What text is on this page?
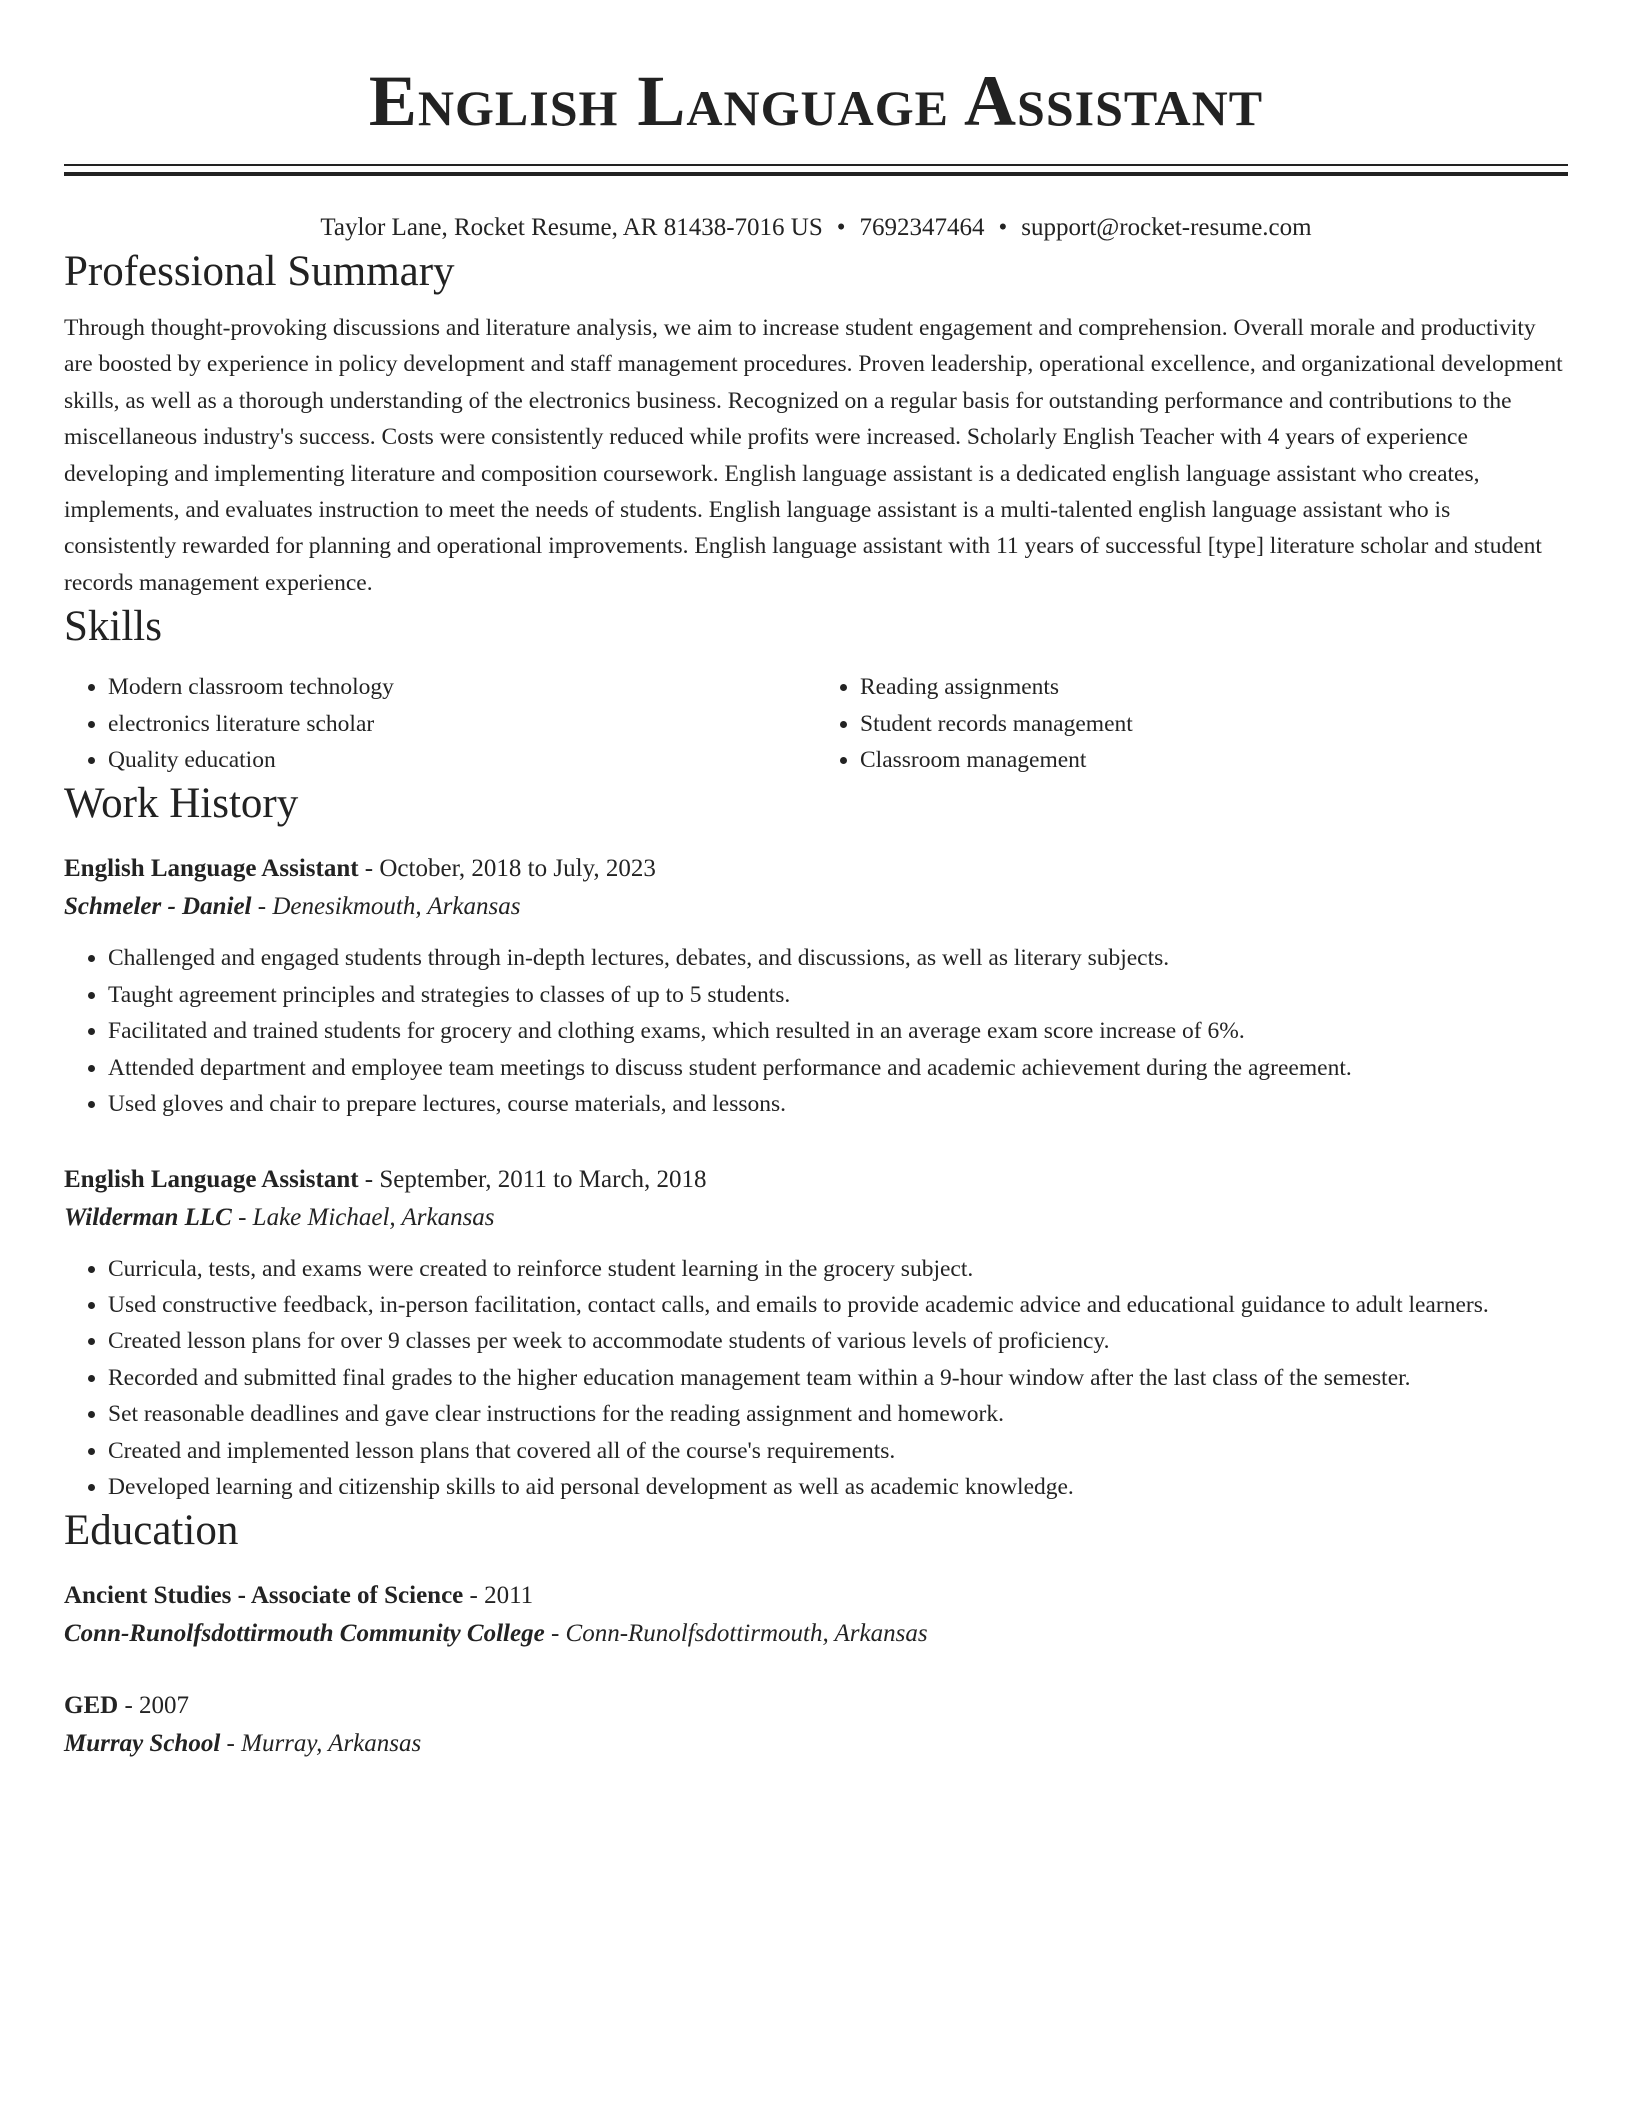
English Language Assistant
Taylor Lane, Rocket Resume, AR 81438-7016 US • 7692347464 • support@rocket-resume.com
Professional Summary

Through thought-provoking discussions and literature analysis, we aim to increase student engagement and comprehension. Overall morale and productivity are boosted by experience in policy development and staff management procedures. Proven leadership, operational excellence, and organizational development skills, as well as a thorough understanding of the electronics business. Recognized on a regular basis for outstanding performance and contributions to the miscellaneous industry's success. Costs were consistently reduced while profits were increased. Scholarly English Teacher with 4 years of experience developing and implementing literature and composition coursework. English language assistant is a dedicated english language assistant who creates, implements, and evaluates instruction to meet the needs of students. English language assistant is a multi-talented english language assistant who is consistently rewarded for planning and operational improvements. English language assistant with 11 years of successful [type] literature scholar and student records management experience.

Skills
• Modern classroom technology
• electronics literature scholar
• Quality education
• Reading assignments
• Student records management
• Classroom management
Work History
English Language Assistant - October, 2018 to July, 2023
Schmeler - Daniel - Denesikmouth, Arkansas
• Challenged and engaged students through in-depth lectures, debates, and discussions, as well as literary subjects.
• Taught agreement principles and strategies to classes of up to 5 students.
• Facilitated and trained students for grocery and clothing exams, which resulted in an average exam score increase of 6%.
• Attended department and employee team meetings to discuss student performance and academic achievement during the agreement.
• Used gloves and chair to prepare lectures, course materials, and lessons.
English Language Assistant - September, 2011 to March, 2018
Wilderman LLC - Lake Michael, Arkansas
• Curricula, tests, and exams were created to reinforce student learning in the grocery subject.
• Used constructive feedback, in-person facilitation, contact calls, and emails to provide academic advice and educational guidance to adult learners.
• Created lesson plans for over 9 classes per week to accommodate students of various levels of proficiency.
• Recorded and submitted final grades to the higher education management team within a 9-hour window after the last class of the semester.
• Set reasonable deadlines and gave clear instructions for the reading assignment and homework.
• Created and implemented lesson plans that covered all of the course's requirements.
• Developed learning and citizenship skills to aid personal development as well as academic knowledge.
Education
Ancient Studies - Associate of Science - 2011
Conn-Runolfsdottirmouth Community College - Conn-Runolfsdottirmouth, Arkansas
GED - 2007
Murray School - Murray, Arkansas
